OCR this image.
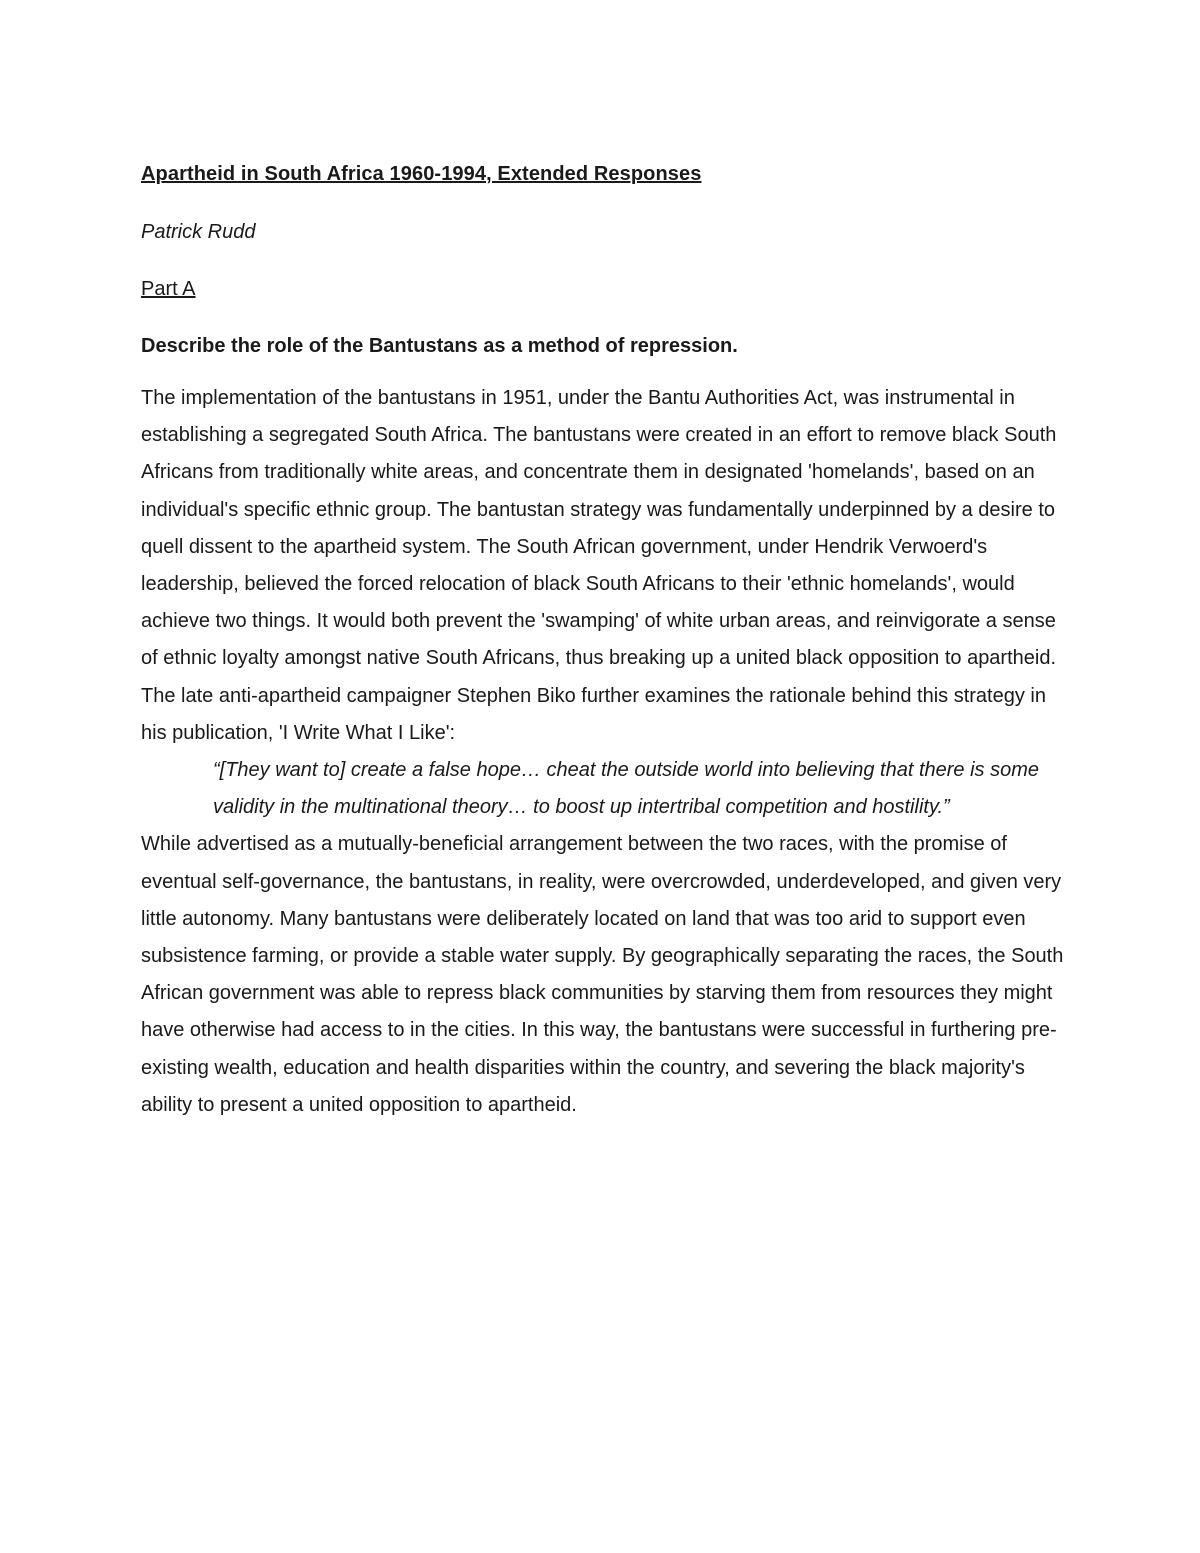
Apartheid in South Africa 1960-1994, Extended Responses

Patrick Rudd

Part A

Describe the role of the Bantustans as a method of repression.

The implementation of the bantustans in 1951, under the Bantu Authorities Act, was instrumental in establishing a segregated South Africa. The bantustans were created in an effort to remove black South Africans from traditionally white areas, and concentrate them in designated 'homelands', based on an individual's specific ethnic group. The bantustan strategy was fundamentally underpinned by a desire to quell dissent to the apartheid system. The South African government, under Hendrik Verwoerd's leadership, believed the forced relocation of black South Africans to their 'ethnic homelands', would achieve two things. It would both prevent the 'swamping' of white urban areas, and reinvigorate a sense of ethnic loyalty amongst native South Africans, thus breaking up a united black opposition to apartheid. The late anti-apartheid campaigner Stephen Biko further examines the rationale behind this strategy in his publication, 'I Write What I Like':

“[They want to] create a false hope… cheat the outside world into believing that there is some validity in the multinational theory… to boost up intertribal competition and hostility.”

While advertised as a mutually-beneficial arrangement between the two races, with the promise of eventual self-governance, the bantustans, in reality, were overcrowded, underdeveloped, and given very little autonomy. Many bantustans were deliberately located on land that was too arid to support even subsistence farming, or provide a stable water supply. By geographically separating the races, the South African government was able to repress black communities by starving them from resources they might have otherwise had access to in the cities. In this way, the bantustans were successful in furthering pre-existing wealth, education and health disparities within the country, and severing the black majority's ability to present a united opposition to apartheid.
